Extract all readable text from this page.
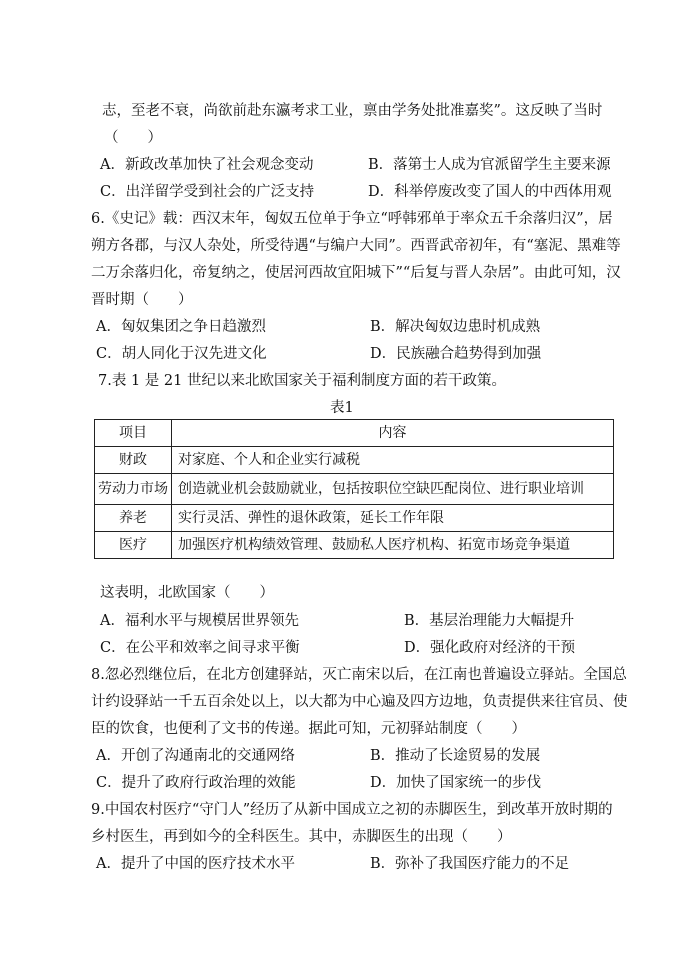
志，至老不衰，尚欲前赴东瀛考求工业，禀由学务处批准嘉奖”。这反映了当时
（　　）
A．新政改革加快了社会观念变动	B．落第士人成为官派留学生主要来源
C．出洋留学受到社会的广泛支持	D．科举停废改变了国人的中西体用观
6.《史记》载：西汉末年，匈奴五位单于争立“呼韩邪单于率众五千余落归汉”，居
朔方各郡，与汉人杂处，所受待遇“与编户大同”。西晋武帝初年，有“塞泥、黑难等
二万余落归化，帝复纳之，使居河西故宜阳城下”“后复与晋人杂居”。由此可知，汉
晋时期（　　）
A．匈奴集团之争日趋激烈	B．解决匈奴边患时机成熟
C．胡人同化于汉先进文化	D．民族融合趋势得到加强
7.表 1 是 21 世纪以来北欧国家关于福利制度方面的若干政策。
表1
项目	内容
财政	对家庭、个人和企业实行减税
劳动力市场	创造就业机会鼓励就业，包括按职位空缺匹配岗位、进行职业培训
养老	实行灵活、弹性的退休政策，延长工作年限
医疗	加强医疗机构绩效管理、鼓励私人医疗机构、拓宽市场竞争渠道
这表明，北欧国家（　　）
A．福利水平与规模居世界领先	B．基层治理能力大幅提升
C．在公平和效率之间寻求平衡	D．强化政府对经济的干预
8.忽必烈继位后，在北方创建驿站，灭亡南宋以后，在江南也普遍设立驿站。全国总
计约设驿站一千五百余处以上，以大都为中心遍及四方边地，负责提供来往官员、使
臣的饮食，也便利了文书的传递。据此可知，元初驿站制度（　　）
A．开创了沟通南北的交通网络	B．推动了长途贸易的发展
C．提升了政府行政治理的效能	D．加快了国家统一的步伐
9.中国农村医疗“守门人”经历了从新中国成立之初的赤脚医生，到改革开放时期的
乡村医生，再到如今的全科医生。其中，赤脚医生的出现（　　）
A．提升了中国的医疗技术水平	B．弥补了我国医疗能力的不足
